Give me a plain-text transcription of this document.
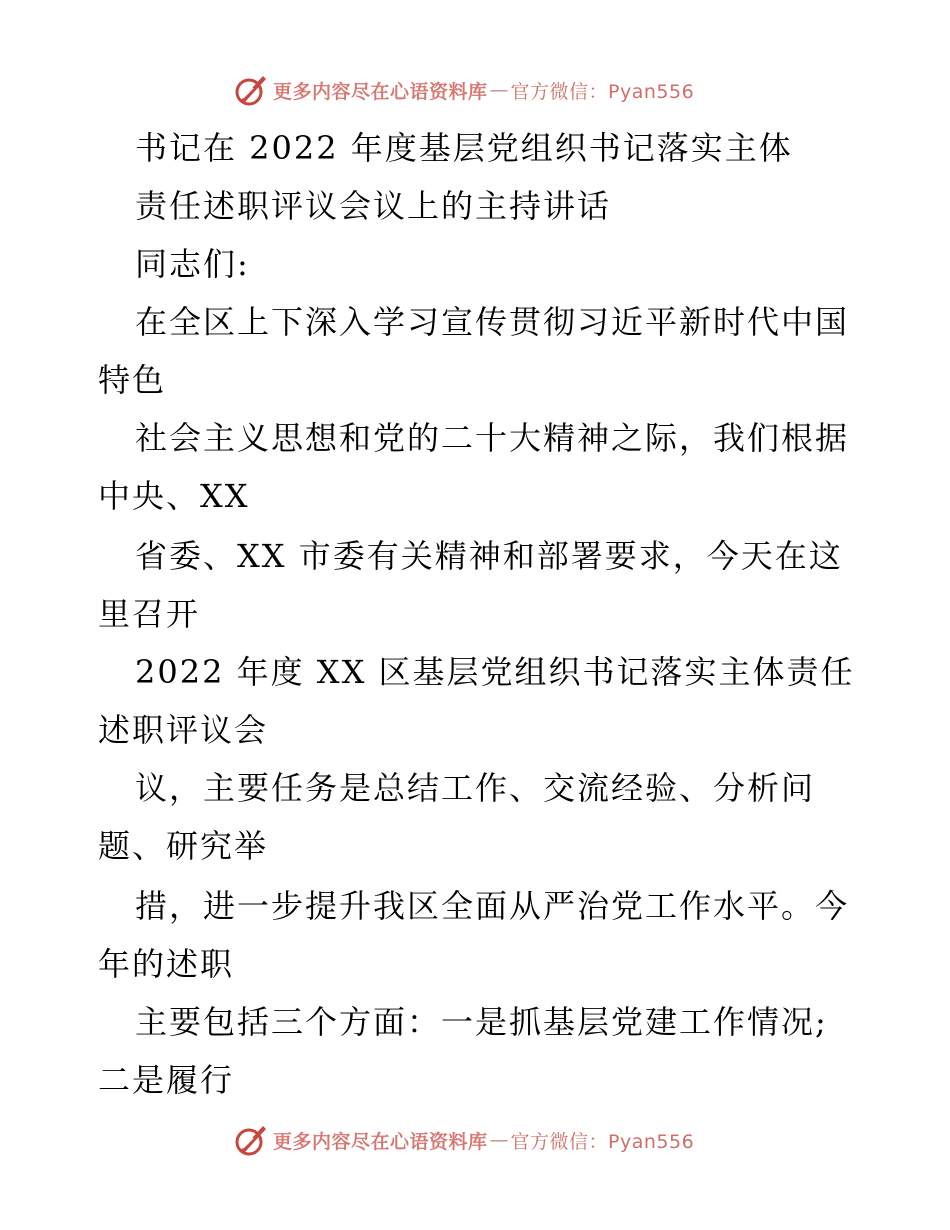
更多内容尽在心语资料库 — 官方微信：Pyan556
书记在 2022 年度基层党组织书记落实主体
责任述职评议会议上的主持讲话
同志们:
在全区上下深入学习宣传贯彻习近平新时代中国
特色
社会主义思想和党的二十大精神之际，我们根据
中央、XX
省委、XX 市委有关精神和部署要求，今天在这
里召开
2022 年度 XX 区基层党组织书记落实主体责任
述职评议会
议，主要任务是总结工作、交流经验、分析问
题、研究举
措，进一步提升我区全面从严治党工作水平。今
年的述职
主要包括三个方面：一是抓基层党建工作情况;
二是履行
更多内容尽在心语资料库 — 官方微信：Pyan556
